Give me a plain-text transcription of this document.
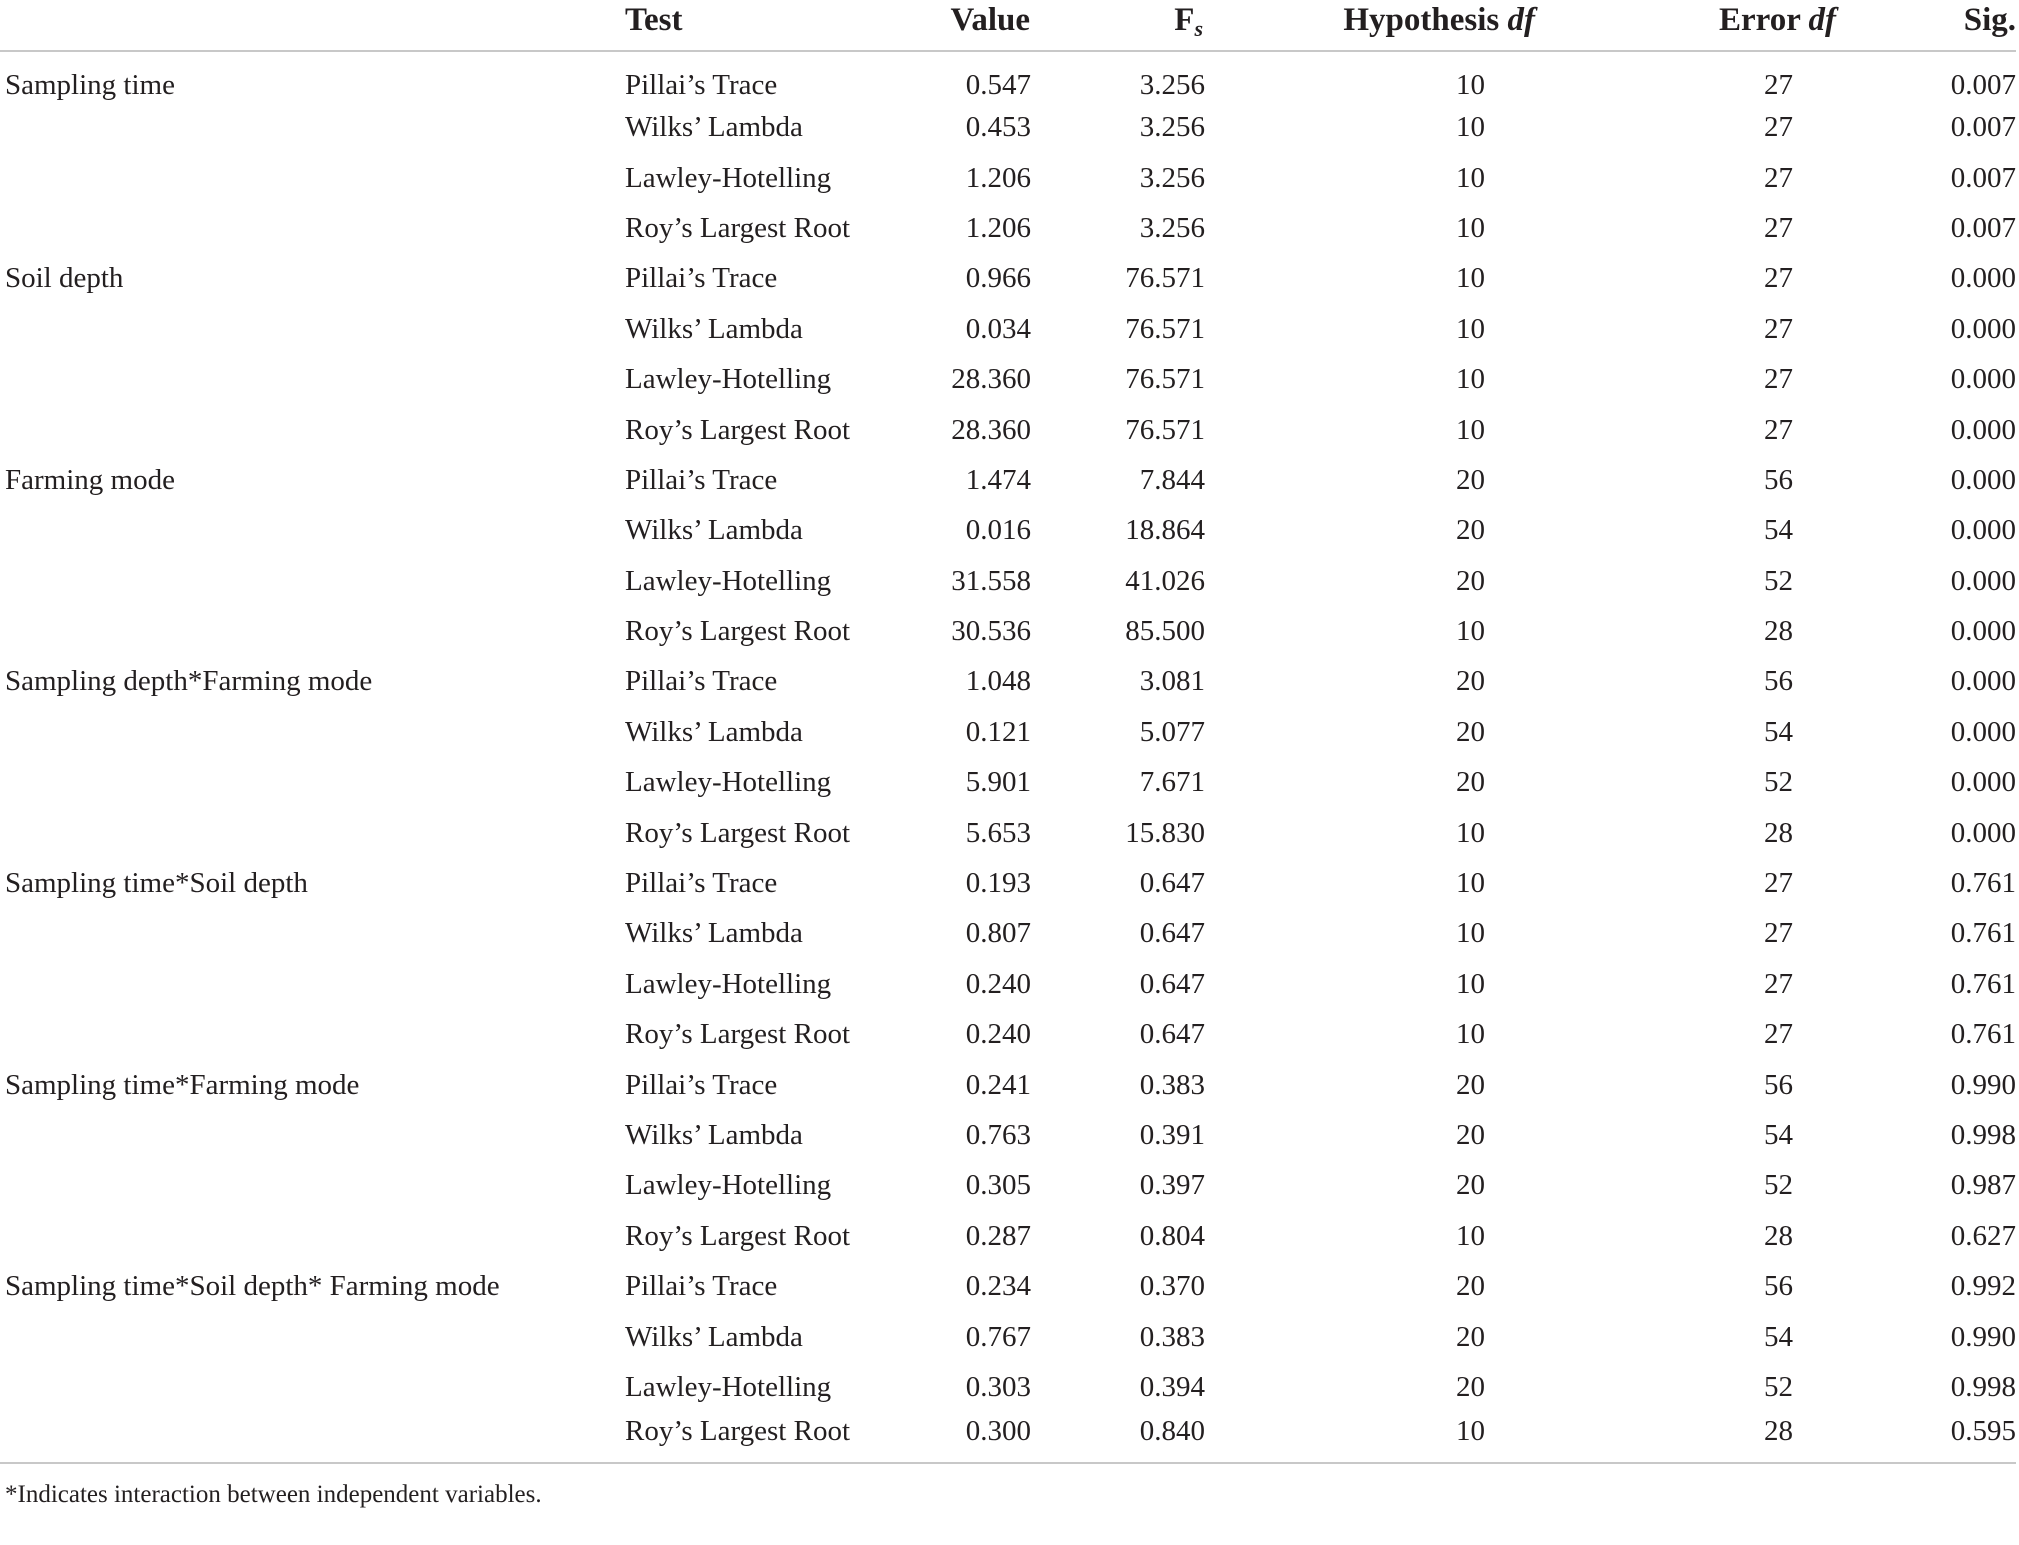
	Test	Value	$F_s$	Hypothesis df	Error df	Sig.
Sampling time	Pillai’s Trace	0.547	3.256	10	27	0.007
	Wilks’ Lambda	0.453	3.256	10	27	0.007
	Lawley-Hotelling	1.206	3.256	10	27	0.007
	Roy’s Largest Root	1.206	3.256	10	27	0.007
Soil depth	Pillai’s Trace	0.966	76.571	10	27	0.000
	Wilks’ Lambda	0.034	76.571	10	27	0.000
	Lawley-Hotelling	28.360	76.571	10	27	0.000
	Roy’s Largest Root	28.360	76.571	10	27	0.000
Farming mode	Pillai’s Trace	1.474	7.844	20	56	0.000
	Wilks’ Lambda	0.016	18.864	20	54	0.000
	Lawley-Hotelling	31.558	41.026	20	52	0.000
	Roy’s Largest Root	30.536	85.500	10	28	0.000
Sampling depth*Farming mode	Pillai’s Trace	1.048	3.081	20	56	0.000
	Wilks’ Lambda	0.121	5.077	20	54	0.000
	Lawley-Hotelling	5.901	7.671	20	52	0.000
	Roy’s Largest Root	5.653	15.830	10	28	0.000
Sampling time*Soil depth	Pillai’s Trace	0.193	0.647	10	27	0.761
	Wilks’ Lambda	0.807	0.647	10	27	0.761
	Lawley-Hotelling	0.240	0.647	10	27	0.761
	Roy’s Largest Root	0.240	0.647	10	27	0.761
Sampling time*Farming mode	Pillai’s Trace	0.241	0.383	20	56	0.990
	Wilks’ Lambda	0.763	0.391	20	54	0.998
	Lawley-Hotelling	0.305	0.397	20	52	0.987
	Roy’s Largest Root	0.287	0.804	10	28	0.627
Sampling time*Soil depth* Farming mode	Pillai’s Trace	0.234	0.370	20	56	0.992
	Wilks’ Lambda	0.767	0.383	20	54	0.990
	Lawley-Hotelling	0.303	0.394	20	52	0.998
	Roy’s Largest Root	0.300	0.840	10	28	0.595
*Indicates interaction between independent variables.						
